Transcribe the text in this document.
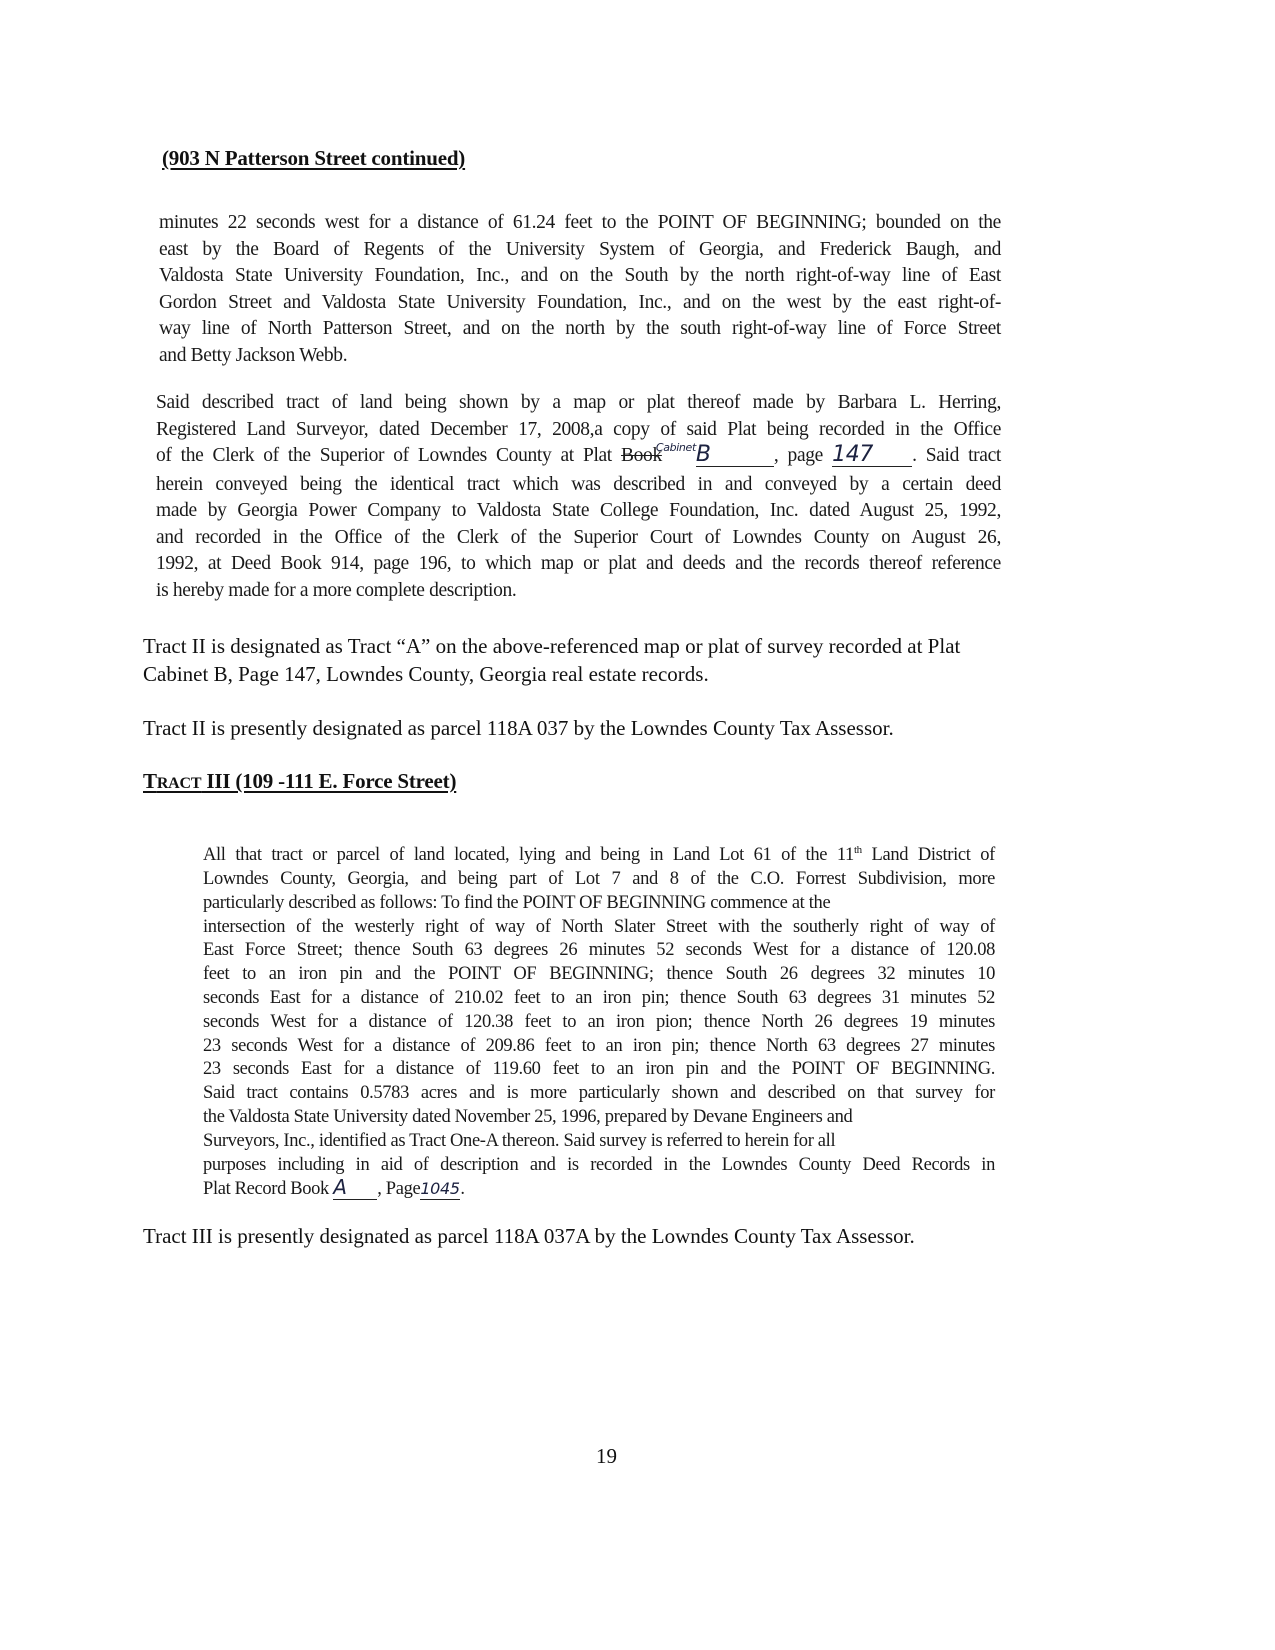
(903 N Patterson Street continued)
minutes 22 seconds west for a distance of 61.24 feet to the POINT OF BEGINNING; bounded on the
east by the Board of Regents of the University System of Georgia, and Frederick Baugh, and
Valdosta State University Foundation, Inc., and on the South by the north right-of-way line of East
Gordon Street and Valdosta State University Foundation, Inc., and on the west by the east right-of-
way line of North Patterson Street, and on the north by the south right-of-way line of Force Street
and Betty Jackson Webb.
Said described tract of land being shown by a map or plat thereof made by Barbara L. Herring,
Registered Land Surveyor, dated December 17, 2008,a copy of said Plat being recorded in the Office
of the Clerk of the Superior of Lowndes County at Plat Book$^{Cabinet}$B	, page 147 . Said tract
herein conveyed being the identical tract which was described in and conveyed by a certain deed
made by Georgia Power Company to Valdosta State College Foundation, Inc. dated August 25, 1992,
and recorded in the Office of the Clerk of the Superior Court of Lowndes County on August 26,
1992, at Deed Book 914, page 196, to which map or plat and deeds and the records thereof reference
is hereby made for a more complete description.
Tract II is designated as Tract “A” on the above-referenced map or plat of survey recorded at Plat
Cabinet B, Page 147, Lowndes County, Georgia real estate records.
Tract II is presently designated as parcel 118A 037 by the Lowndes County Tax Assessor.
TRACT III (109 -111 E. Force Street)
All that tract or parcel of land located, lying and being in Land Lot 61 of the 11th Land District of
Lowndes County, Georgia, and being part of Lot 7 and 8 of the C.O. Forrest Subdivision, more
particularly described as follows: To find the POINT OF BEGINNING commence at the
intersection of the westerly right of way of North Slater Street with the southerly right of way of
East Force Street; thence South 63 degrees 26 minutes 52 seconds West for a distance of 120.08
feet to an iron pin and the POINT OF BEGINNING; thence South 26 degrees 32 minutes 10
seconds East for a distance of 210.02 feet to an iron pin; thence South 63 degrees 31 minutes 52
seconds West for a distance of 120.38 feet to an iron pion; thence North 26 degrees 19 minutes
23 seconds West for a distance of 209.86 feet to an iron pin; thence North 63 degrees 27 minutes
23 seconds East for a distance of 119.60 feet to an iron pin and the POINT OF BEGINNING.
Said tract contains 0.5783 acres and is more particularly shown and described on that survey for
the Valdosta State University dated November 25, 1996, prepared by Devane Engineers and
Surveyors, Inc., identified as Tract One-A thereon. Said survey is referred to herein for all
purposes including in aid of description and is recorded in the Lowndes County Deed Records in
Plat Record Book A , Page1045.
Tract III is presently designated as parcel 118A 037A by the Lowndes County Tax Assessor.
19
